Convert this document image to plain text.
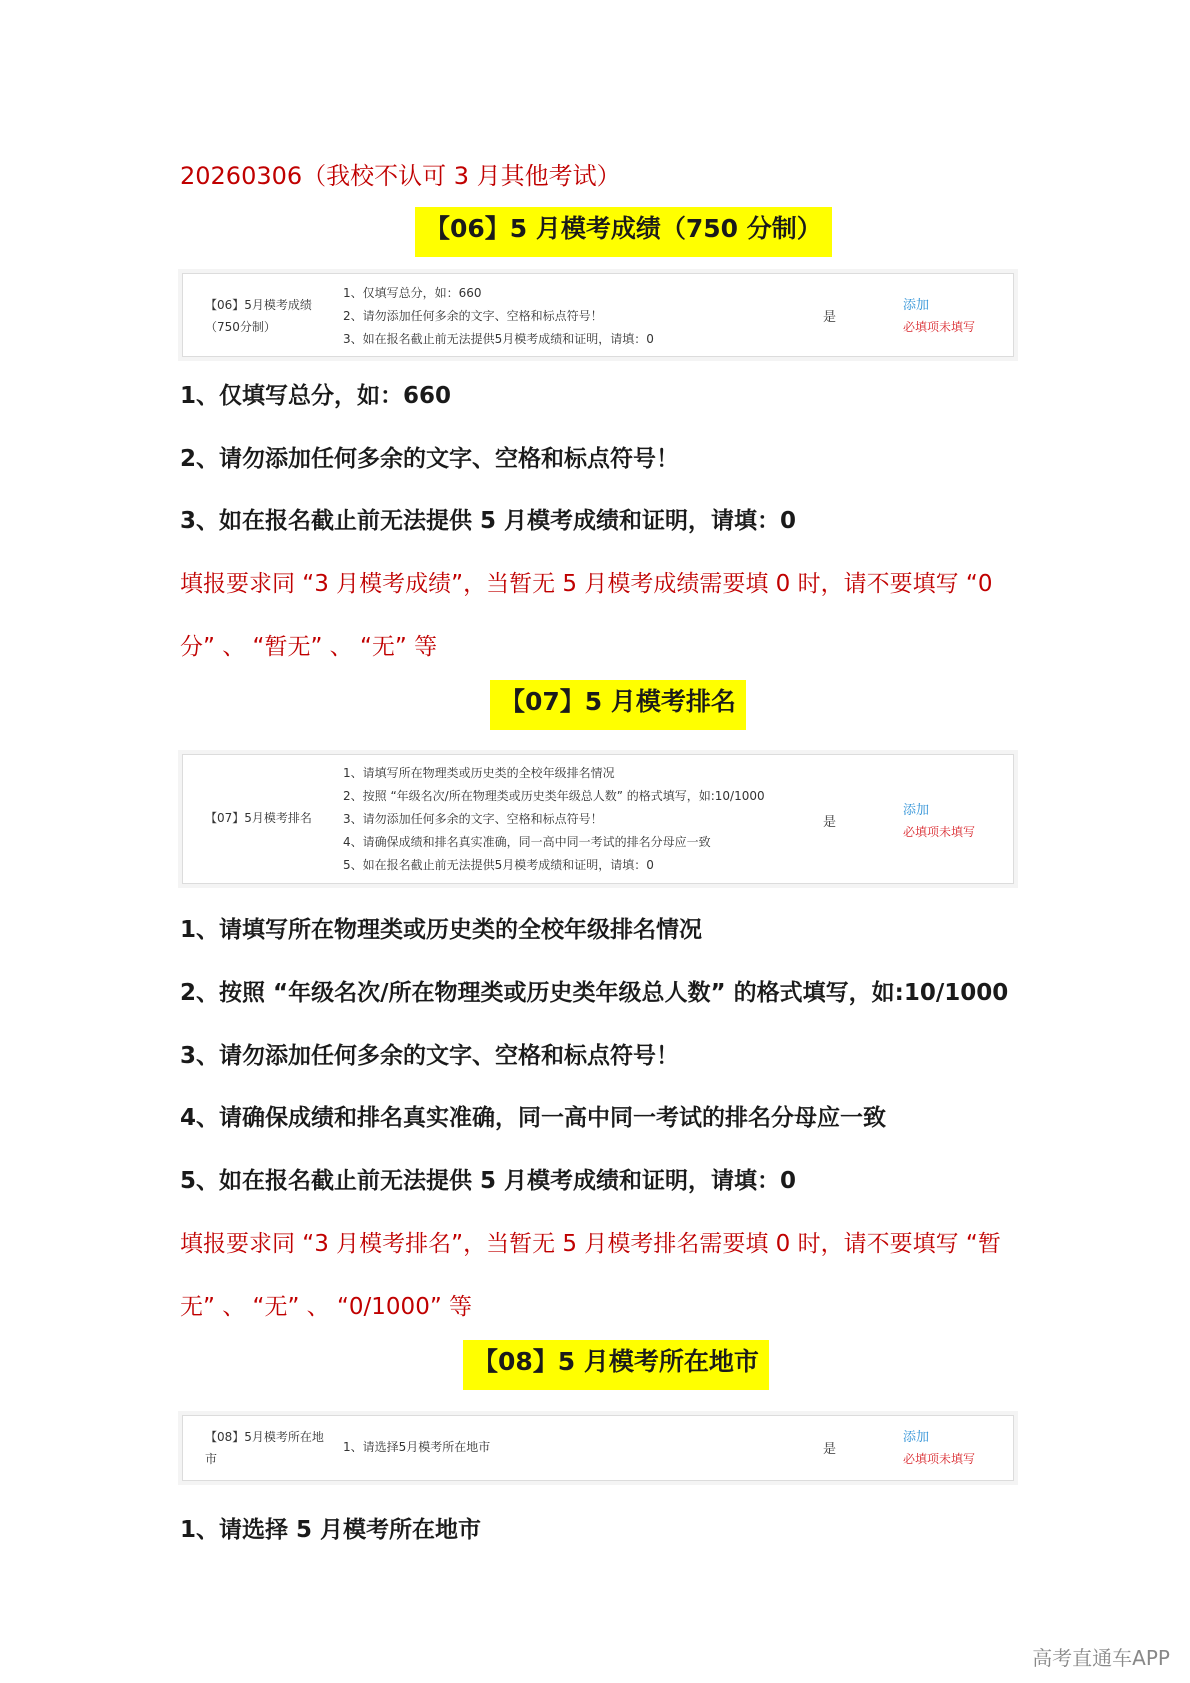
20260306（我校不认可 3 月其他考试）
【06】5 月模考成绩（750 分制）
【06】5月模考成绩
（750分制）
1、仅填写总分，如：660
2、请勿添加任何多余的文字、空格和标点符号！
3、如在报名截止前无法提供5月模考成绩和证明，请填：0
是
添加
必填项未填写
1、仅填写总分，如：660
2、请勿添加任何多余的文字、空格和标点符号！
3、如在报名截止前无法提供 5 月模考成绩和证明，请填：0
填报要求同 “3 月模考成绩”，当暂无 5 月模考成绩需要填 0 时，请不要填写 “0
分” 、 “暂无” 、 “无” 等
【07】5 月模考排名
【07】5月模考排名
1、请填写所在物理类或历史类的全校年级排名情况
2、按照 “年级名次/所在物理类或历史类年级总人数” 的格式填写，如:10/1000
3、请勿添加任何多余的文字、空格和标点符号！
4、请确保成绩和排名真实准确，同一高中同一考试的排名分母应一致
5、如在报名截止前无法提供5月模考成绩和证明，请填：0
是
添加
必填项未填写
1、请填写所在物理类或历史类的全校年级排名情况
2、按照 “年级名次/所在物理类或历史类年级总人数” 的格式填写，如:10/1000
3、请勿添加任何多余的文字、空格和标点符号！
4、请确保成绩和排名真实准确，同一高中同一考试的排名分母应一致
5、如在报名截止前无法提供 5 月模考成绩和证明，请填：0
填报要求同 “3 月模考排名”，当暂无 5 月模考排名需要填 0 时，请不要填写 “暂
无” 、 “无” 、 “0/1000” 等
【08】5 月模考所在地市
【08】5月模考所在地
市
1、请选择5月模考所在地市	是
添加
必填项未填写
1、请选择 5 月模考所在地市
高考直通车APP
